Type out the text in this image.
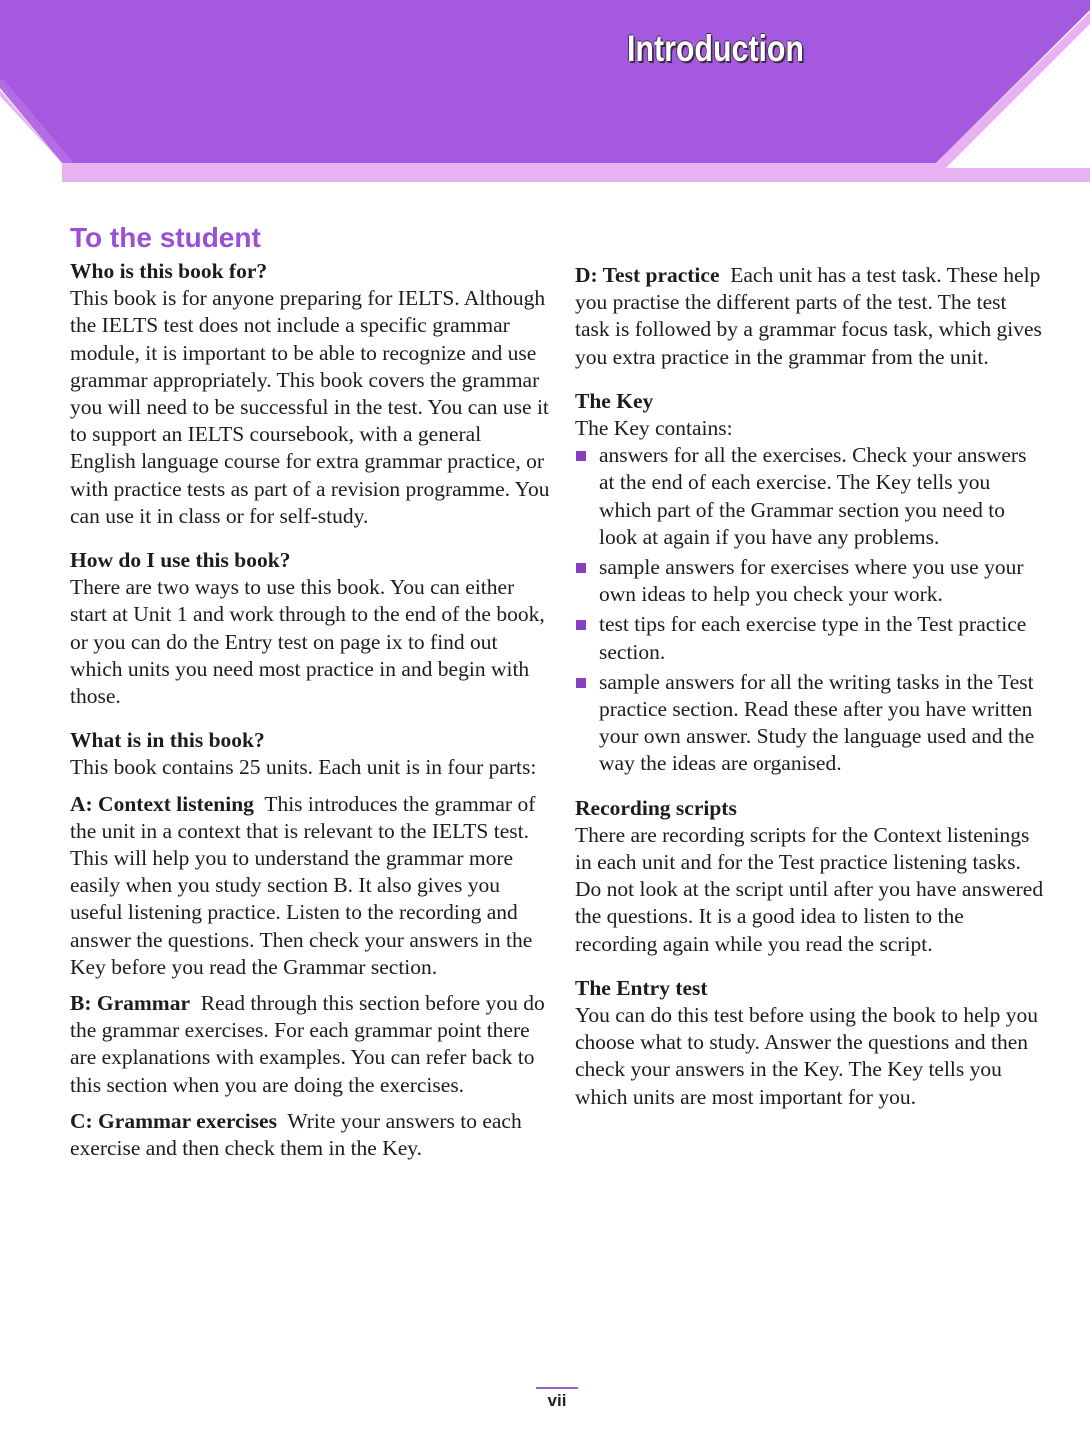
Introduction
To the student
Who is this book for?

This book is for anyone preparing for IELTS. Although the IELTS test does not include a specific grammar module, it is important to be able to recognize and use grammar appropriately. This book covers the grammar you will need to be successful in the test. You can use it to support an IELTS coursebook, with a general English language course for extra grammar practice, or with practice tests as part of a revision programme. You can use it in class or for self-study.

How do I use this book?

There are two ways to use this book. You can either start at Unit 1 and work through to the end of the book, or you can do the Entry test on page ix to find out which units you need most practice in and begin with those.

What is in this book?

This book contains 25 units. Each unit is in four parts:

A: Context listening This introduces the grammar of the unit in a context that is relevant to the IELTS test. This will help you to understand the grammar more easily when you study section B. It also gives you useful listening practice. Listen to the recording and answer the questions. Then check your answers in the Key before you read the Grammar section.

B: Grammar Read through this section before you do the grammar exercises. For each grammar point there are explanations with examples. You can refer back to this section when you are doing the exercises.

C: Grammar exercises Write your answers to each exercise and then check them in the Key.

D: Test practice Each unit has a test task. These help you practise the different parts of the test. The test task is followed by a grammar focus task, which gives you extra practice in the grammar from the unit.

The Key

The Key contains:

answers for all the exercises. Check your answers at the end of each exercise. The Key tells you which part of the Grammar section you need to look at again if you have any problems.
sample answers for exercises where you use your own ideas to help you check your work.
test tips for each exercise type in the Test practice section.
sample answers for all the writing tasks in the Test practice section. Read these after you have written your own answer. Study the language used and the way the ideas are organised.
Recording scripts

There are recording scripts for the Context listenings in each unit and for the Test practice listening tasks. Do not look at the script until after you have answered the questions. It is a good idea to listen to the recording again while you read the script.

The Entry test

You can do this test before using the book to help you choose what to study. Answer the questions and then check your answers in the Key. The Key tells you which units are most important for you.

vii
